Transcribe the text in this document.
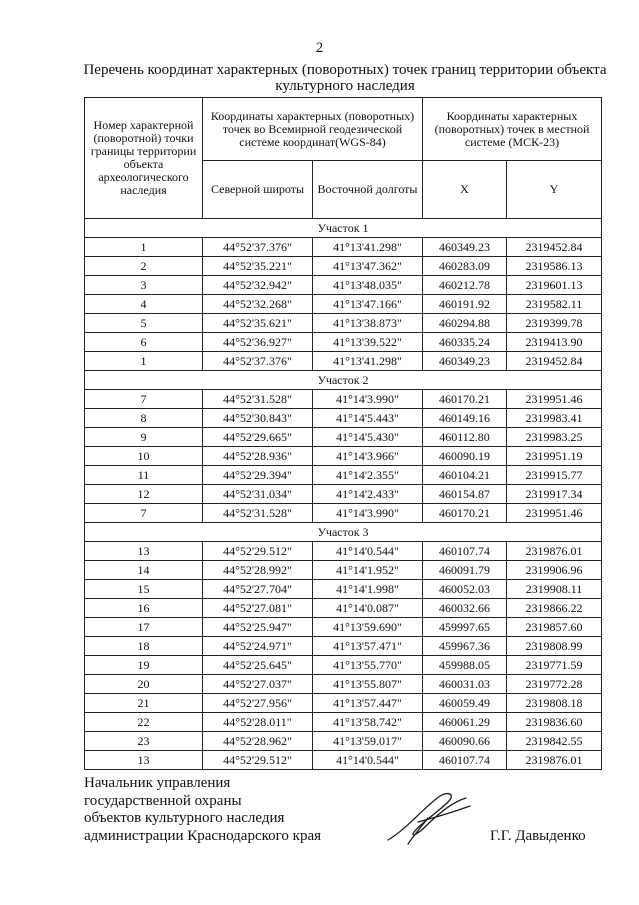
2
Перечень координат характерных (поворотных) точек границ территории объекта культурного наследия
Номер характерной (поворотной) точки границы территории объекта археологического наследия	Координаты характерных (поворотных) точек во Всемирной геодезической системе координат(WGS-84)		Координаты характерных (поворотных) точек в местной системе (МСК-23)	
	Северной широты	Восточной долготы	X	Y
Участок 1				
1	44°52'37.376"	41°13'41.298"	460349.23	2319452.84
2	44°52'35.221"	41°13'47.362"	460283.09	2319586.13
3	44°52'32.942"	41°13'48.035"	460212.78	2319601.13
4	44°52'32.268"	41°13'47.166"	460191.92	2319582.11
5	44°52'35.621"	41°13'38.873"	460294.88	2319399.78
6	44°52'36.927"	41°13'39.522"	460335.24	2319413.90
1	44°52'37.376"	41°13'41.298"	460349.23	2319452.84
Участок 2				
7	44°52'31.528"	41°14'3.990"	460170.21	2319951.46
8	44°52'30.843"	41°14'5.443"	460149.16	2319983.41
9	44°52'29.665"	41°14'5.430"	460112.80	2319983.25
10	44°52'28.936"	41°14'3.966"	460090.19	2319951.19
11	44°52'29.394"	41°14'2.355"	460104.21	2319915.77
12	44°52'31.034"	41°14'2.433"	460154.87	2319917.34
7	44°52'31.528"	41°14'3.990"	460170.21	2319951.46
Участок 3				
13	44°52'29.512"	41°14'0.544"	460107.74	2319876.01
14	44°52'28.992"	41°14'1.952"	460091.79	2319906.96
15	44°52'27.704"	41°14'1.998"	460052.03	2319908.11
16	44°52'27.081"	41°14'0.087"	460032.66	2319866.22
17	44°52'25.947"	41°13'59.690"	459997.65	2319857.60
18	44°52'24.971"	41°13'57.471"	459967.36	2319808.99
19	44°52'25.645"	41°13'55.770"	459988.05	2319771.59
20	44°52'27.037"	41°13'55.807"	460031.03	2319772.28
21	44°52'27.956"	41°13'57.447"	460059.49	2319808.18
22	44°52'28.011"	41°13'58.742"	460061.29	2319836.60
23	44°52'28.962"	41°13'59.017"	460090.66	2319842.55
13	44°52'29.512"	41°14'0.544"	460107.74	2319876.01
Начальник управления
государственной охраны
объектов культурного наследия
администрации Краснодарского края	Г.Г. Давыденко
